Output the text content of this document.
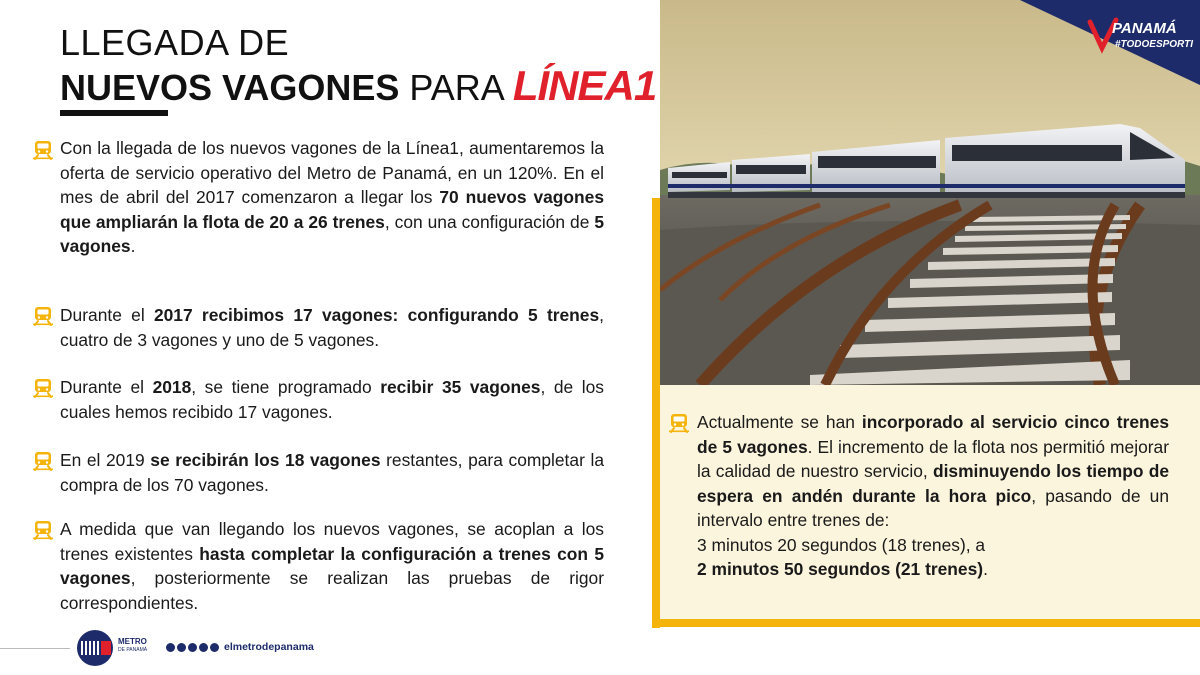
LLEGADA DE
NUEVOS VAGONES PARA LÍNEA1
Con la llegada de los nuevos vagones de la Línea1, aumentaremos la oferta de servicio operativo del Metro de Panamá, en un 120%. En el mes de abril del 2017 comenzaron a llegar los 70 nuevos vagones que ampliarán la flota de 20 a 26 trenes, con una configuración de 5 vagones.
Durante el 2017 recibimos 17 vagones: configurando 5 trenes, cuatro de 3 vagones y uno de 5 vagones.
Durante el 2018, se tiene programado recibir 35 vagones, de los cuales hemos recibido 17 vagones.
En el 2019 se recibirán los 18 vagones restantes, para completar la compra de los 70 vagones.
A medida que van llegando los nuevos vagones, se acoplan a los trenes existentes hasta completar la configuración a trenes con 5 vagones, posteriormente se realizan las pruebas de rigor correspondientes.
Actualmente se han incorporado al servicio cinco trenes de 5 vagones. El incremento de la flota nos permitió mejorar la calidad de nuestro servicio, disminuyendo los tiempo de espera en andén durante la hora pico, pasando de un intervalo entre trenes de:
3 minutos 20 segundos (18 trenes), a
2 minutos 50 segundos (21 trenes).
METRO
DE PANAMÁ	elmetrodepanama
PANAMÁ
#TODOESPORTI
